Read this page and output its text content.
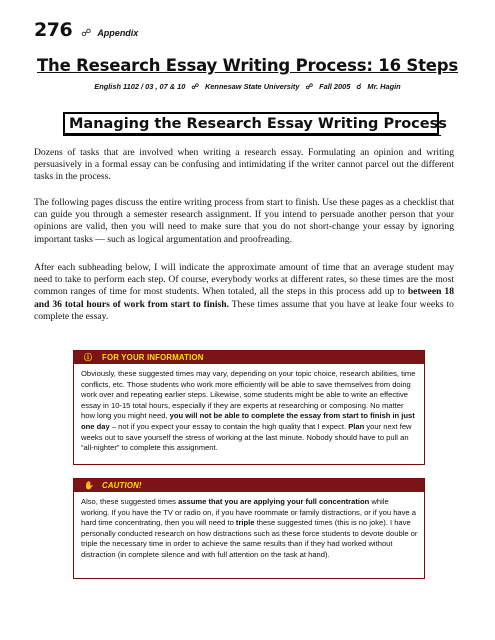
276 ☍ Appendix
The Research Essay Writing Process: 16 Steps
English 1102 / 03 , 07 & 10 ☍ Kennesaw State University ☍ Fall 2005 ☌ Mr. Hagin
Managing the Research Essay Writing Process

Dozens of tasks that are involved when writing a research essay. Formulating an opinion and writing persuasively in a formal essay can be confusing and intimidating if the writer cannot parcel out the different tasks in the process.

The following pages discuss the entire writing process from start to finish. Use these pages as a checklist that can guide you through a semester research assignment. If you intend to persuade another person that your opinions are valid, then you will need to make sure that you do not short-change your essay by ignoring important tasks — such as logical argumentation and proofreading.

After each subheading below, I will indicate the approximate amount of time that an average student may need to take to perform each step. Of course, everybody works at different rates, so these times are the most common ranges of time for most students. When totaled, all the steps in this process add up to between 18 and 36 total hours of work from start to finish. These times assume that you have at leake four weeks to complete the essay.

ⓘ	FOR YOUR INFORMATION
Obviously, these suggested times may vary, depending on your topic choice, research abilities, time conflicts, etc. Those students who work more efficiently will be able to save themselves from doing work over and repeating earlier steps. Likewise, some students might be able to write an effective essay in 10-15 total hours, especially if they are experts at researching or composing. No matter how long you might need, you will not be able to complete the essay from start to finish in just one day – not if you expect your essay to contain the high quality that I expect. Plan your next few weeks out to save yourself the stress of working at the last minute. Nobody should have to pull an “all-nighter” to complete this assignment.
✋ CAUTION!
Also, these suggested times assume that you are applying your full concentration while working. If you have the TV or radio on, if you have roommate or family distractions, or if you have a hard time concentrating, then you will need to triple these suggested times (this is no joke). I have personally conducted research on how distractions such as these force students to devote double or triple the necessary time in order to achieve the same results than if they had worked without distraction (in complete silence and with full attention on the task at hand).
